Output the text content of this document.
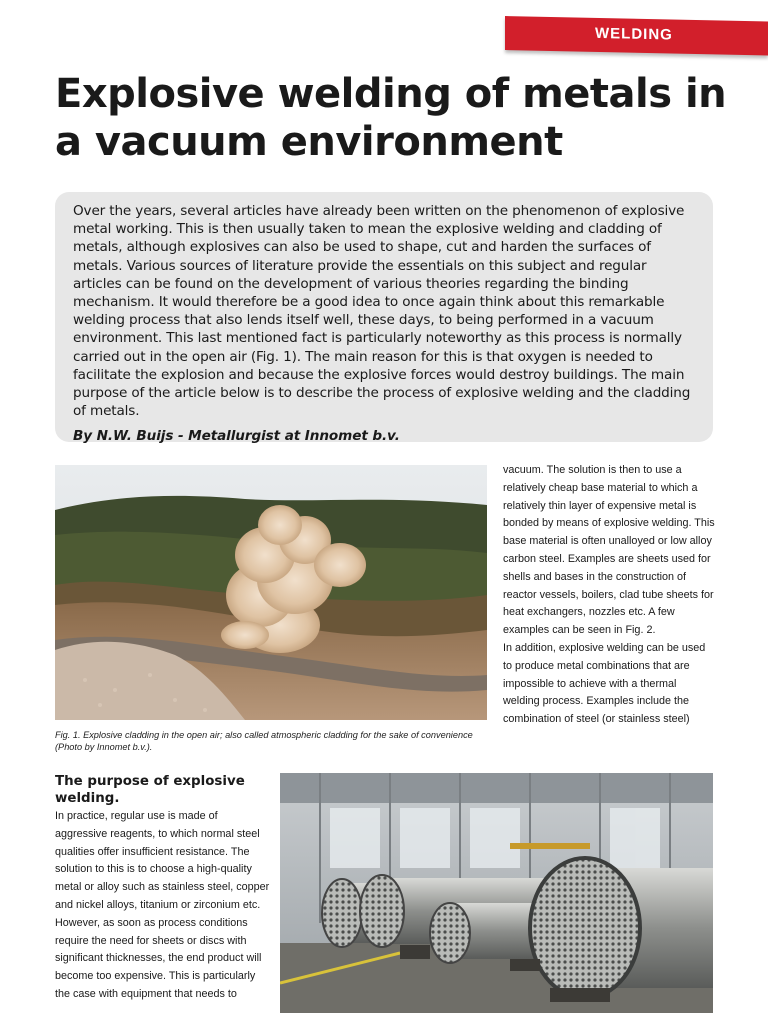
WELDING
Explosive welding of metals in a vacuum environment

Over the years, several articles have already been written on the phenomenon of explosive metal working. This is then usually taken to mean the explosive welding and cladding of metals, although explosives can also be used to shape, cut and harden the surfaces of metals. Various sources of literature provide the essentials on this subject and regular articles can be found on the development of various theories regarding the binding mechanism. It would therefore be a good idea to once again think about this remarkable welding process that also lends itself well, these days, to being performed in a vacuum environment. This last mentioned fact is particularly noteworthy as this process is normally carried out in the open air (Fig. 1). The main reason for this is that oxygen is needed to facilitate the explosion and because the explosive forces would destroy buildings. The main purpose of the article below is to describe the process of explosive welding and the cladding of metals.

By N.W. Buijs - Metallurgist at Innomet b.v.

Fig. 1. Explosive cladding in the open air; also called atmospheric cladding for the sake of convenience (Photo by Innomet b.v.).

vacuum. The solution is then to use a relatively cheap base material to which a relatively thin layer of expensive metal is bonded by means of explosive welding. This base material is often unalloyed or low alloy carbon steel. Examples are sheets used for shells and bases in the construction of reactor vessels, boilers, clad tube sheets for heat exchangers, nozzles etc. A few examples can be seen in Fig. 2.

In addition, explosive welding can be used to produce metal combinations that are impossible to achieve with a thermal welding process. Examples include the combination of steel (or stainless steel)

The purpose of explosive welding.

In practice, regular use is made of aggressive reagents, to which normal steel qualities offer insufficient resistance. The solution to this is to choose a high-quality metal or alloy such as stainless steel, copper and nickel alloys, titanium or zirconium etc. However, as soon as process conditions require the need for sheets or discs with significant thicknesses, the end product will become too expensive. This is particularly the case with equipment that needs to
